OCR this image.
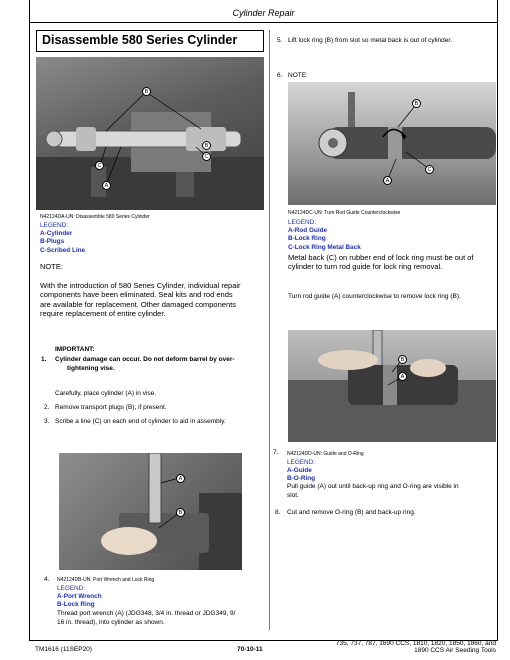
Cylinder Repair
Disassemble 580 Series Cylinder
B
C
C
B
A
N42124DA-UN: Disassemble 580 Series Cylinder
LEGEND:
A-Cylinder
B-Plugs
C-Scribed Line
NOTE:
With the introduction of 580 Series Cylinder, individual repair
components have been eliminated. Seal kits and rod ends
are available for replacement. Other damaged components
require replacement of entire cylinder.
IMPORTANT:
1. Cylinder damage can occur. Do not deform barrel by over-
tightening vise.
Carefully, place cylinder (A) in vise.
2. Remove transport plugs (B), if present.
3. Scribe a line (C) on each end of cylinder to aid in assembly.
A
B
4. N42124DB-UN: Port Wrench and Lock Ring
LEGEND:
A-Port Wrench
B-Lock Ring
Thread port wrench (A) (JDG348, 3/4 in. thread or JDG349, 9/
16 in. thread), into cylinder as shown.
5. Lift lock ring (B) from slot so metal back is out of cylinder.
6. NOTE:
B
C
A
N42124DC-UN: Turn Rod Guide Counterclockwise
LEGEND:
A-Rod Guide
B-Lock Ring
C-Lock Ring Metal Back
Metal back (C) on rubber end of lock ring must be out of
cylinder to turn rod guide for lock ring removal.
Turn rod guide (A) counterclockwise to remove lock ring (B).
B
A
7. N42124DD-UN: Guide and O-Ring
LEGEND:
A-Guide
B-O-Ring
Pull guide (A) out until back-up ring and O-ring are visible in
slot.
8. Cut and remove O-ring (B) and back-up ring.
TM1616 (11SEP20)	70-10-11
735, 737, 787, 1690 CCS, 1810, 1820, 1850, 1860, and
1890 CCS Air Seeding Tools
